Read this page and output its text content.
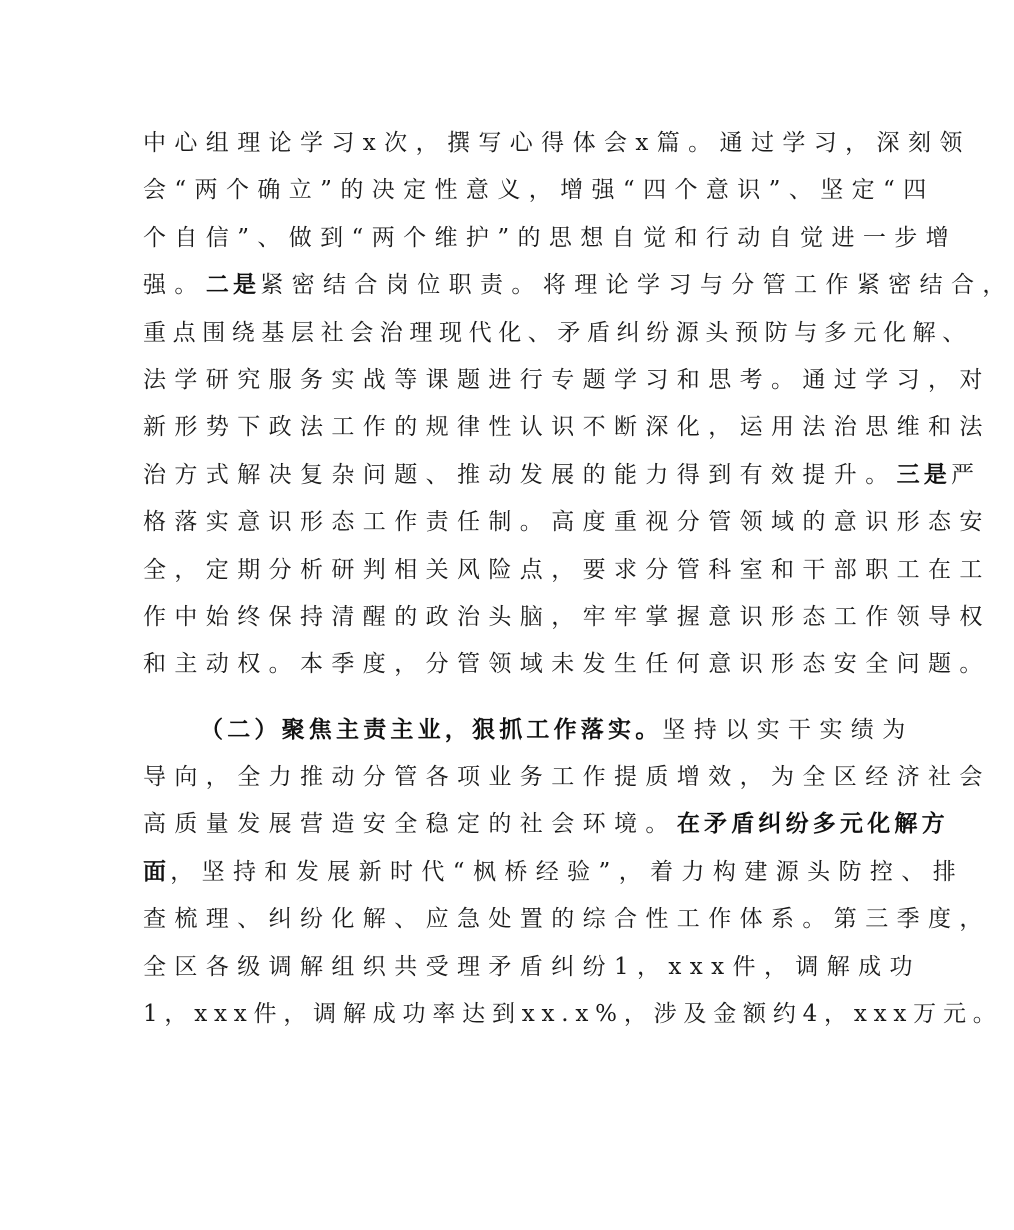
中心组理论学习x次，撰写心得体会x篇。通过学习，深刻领
会“两个确立”的决定性意义，增强“四个意识”、坚定“四
个自信”、做到“两个维护”的思想自觉和行动自觉进一步增
强。二是紧密结合岗位职责。将理论学习与分管工作紧密结合，
重点围绕基层社会治理现代化、矛盾纠纷源头预防与多元化解、
法学研究服务实战等课题进行专题学习和思考。通过学习，对
新形势下政法工作的规律性认识不断深化，运用法治思维和法
治方式解决复杂问题、推动发展的能力得到有效提升。三是严
格落实意识形态工作责任制。高度重视分管领域的意识形态安
全，定期分析研判相关风险点，要求分管科室和干部职工在工
作中始终保持清醒的政治头脑，牢牢掌握意识形态工作领导权
和主动权。本季度，分管领域未发生任何意识形态安全问题。
（二）聚焦主责主业，狠抓工作落实。坚持以实干实绩为
导向，全力推动分管各项业务工作提质增效，为全区经济社会
高质量发展营造安全稳定的社会环境。在矛盾纠纷多元化解方
面，坚持和发展新时代“枫桥经验”，着力构建源头防控、排
查梳理、纠纷化解、应急处置的综合性工作体系。第三季度，
全区各级调解组织共受理矛盾纠纷1，xxx件，调解成功
1，xxx件，调解成功率达到xx.x%，涉及金额约4，xxx万元。
